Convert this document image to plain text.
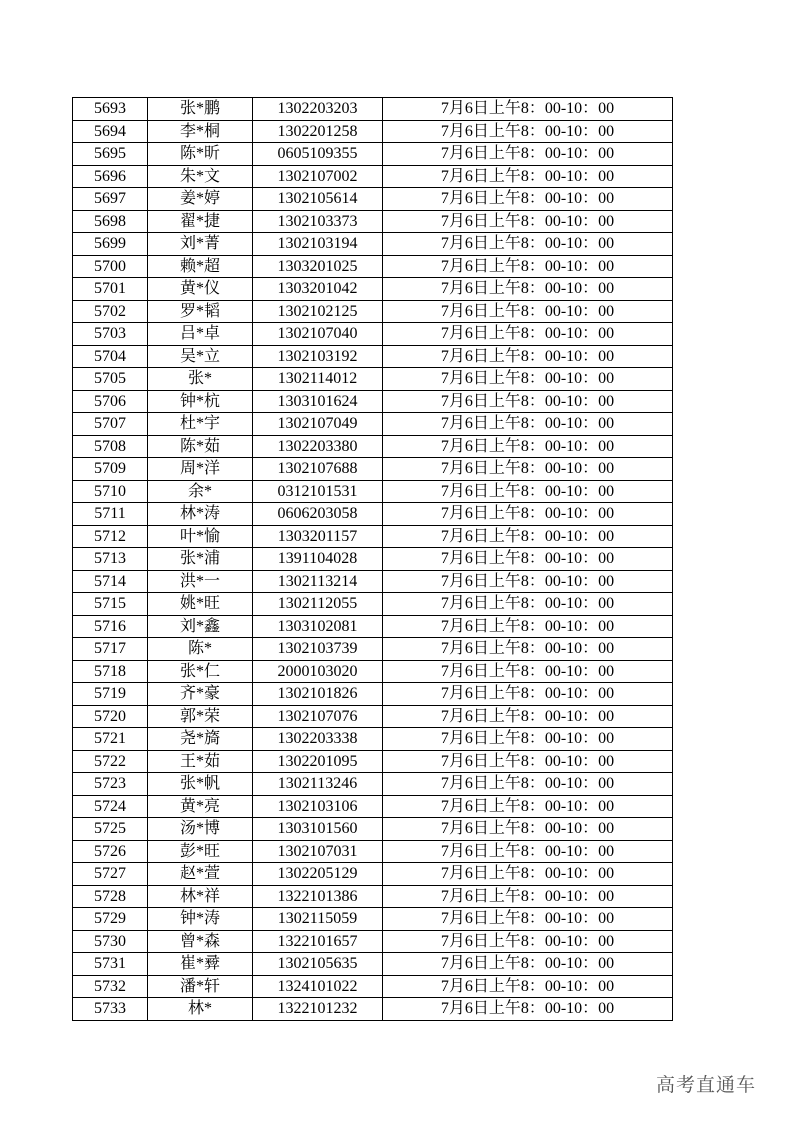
5693	张*鹏	1302203203	7月6日上午8：00-10：00
5694	李*桐	1302201258	7月6日上午8：00-10：00
5695	陈*昕	0605109355	7月6日上午8：00-10：00
5696	朱*文	1302107002	7月6日上午8：00-10：00
5697	姜*婷	1302105614	7月6日上午8：00-10：00
5698	翟*捷	1302103373	7月6日上午8：00-10：00
5699	刘*菁	1302103194	7月6日上午8：00-10：00
5700	赖*超	1303201025	7月6日上午8：00-10：00
5701	黄*仪	1303201042	7月6日上午8：00-10：00
5702	罗*韬	1302102125	7月6日上午8：00-10：00
5703	吕*卓	1302107040	7月6日上午8：00-10：00
5704	吴*立	1302103192	7月6日上午8：00-10：00
5705	张*	1302114012	7月6日上午8：00-10：00
5706	钟*杭	1303101624	7月6日上午8：00-10：00
5707	杜*宇	1302107049	7月6日上午8：00-10：00
5708	陈*茹	1302203380	7月6日上午8：00-10：00
5709	周*洋	1302107688	7月6日上午8：00-10：00
5710	余*	0312101531	7月6日上午8：00-10：00
5711	林*涛	0606203058	7月6日上午8：00-10：00
5712	叶*愉	1303201157	7月6日上午8：00-10：00
5713	张*浦	1391104028	7月6日上午8：00-10：00
5714	洪*一	1302113214	7月6日上午8：00-10：00
5715	姚*旺	1302112055	7月6日上午8：00-10：00
5716	刘*鑫	1303102081	7月6日上午8：00-10：00
5717	陈*	1302103739	7月6日上午8：00-10：00
5718	张*仁	2000103020	7月6日上午8：00-10：00
5719	齐*豪	1302101826	7月6日上午8：00-10：00
5720	郭*荣	1302107076	7月6日上午8：00-10：00
5721	尧*旖	1302203338	7月6日上午8：00-10：00
5722	王*茹	1302201095	7月6日上午8：00-10：00
5723	张*帆	1302113246	7月6日上午8：00-10：00
5724	黄*亮	1302103106	7月6日上午8：00-10：00
5725	汤*博	1303101560	7月6日上午8：00-10：00
5726	彭*旺	1302107031	7月6日上午8：00-10：00
5727	赵*萱	1302205129	7月6日上午8：00-10：00
5728	林*祥	1322101386	7月6日上午8：00-10：00
5729	钟*涛	1302115059	7月6日上午8：00-10：00
5730	曾*森	1322101657	7月6日上午8：00-10：00
5731	崔*彛	1302105635	7月6日上午8：00-10：00
5732	潘*轩	1324101022	7月6日上午8：00-10：00
5733	林*	1322101232	7月6日上午8：00-10：00
高考直通车
